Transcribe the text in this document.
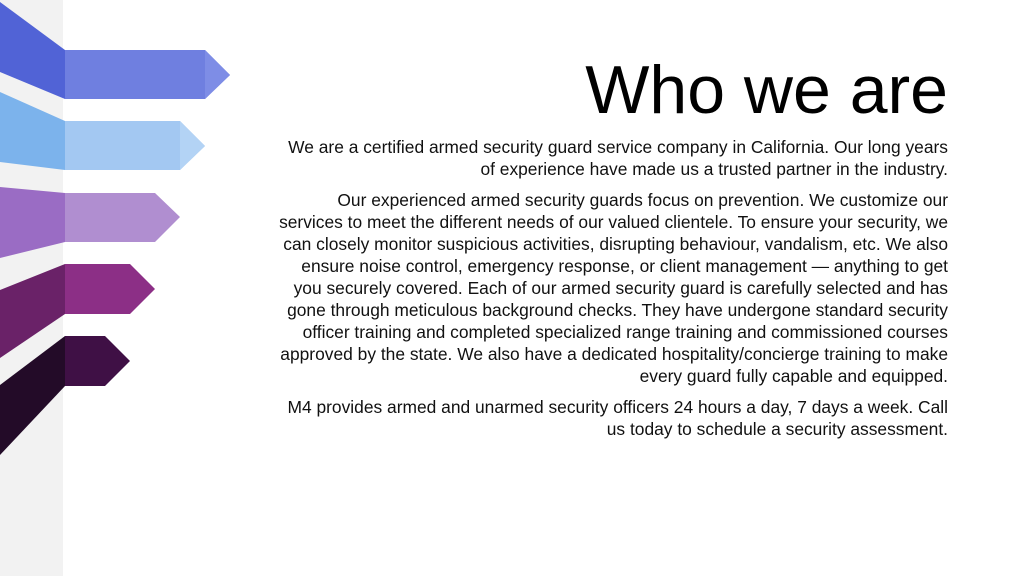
Who we are

We are a certified armed security guard service company in California. Our long years of experience have made us a trusted partner in the industry.

Our experienced armed security guards focus on prevention. We customize our services to meet the different needs of our valued clientele. To ensure your security, we can closely monitor suspicious activities, disrupting behaviour, vandalism, etc. We also ensure noise control, emergency response, or client management — anything to get you securely covered. Each of our armed security guard is carefully selected and has gone through meticulous background checks. They have undergone standard security officer training and completed specialized range training and commissioned courses approved by the state. We also have a dedicated hospitality/concierge training to make every guard fully capable and equipped.

M4 provides armed and unarmed security officers 24 hours a day, 7 days a week. Call us today to schedule a security assessment.
